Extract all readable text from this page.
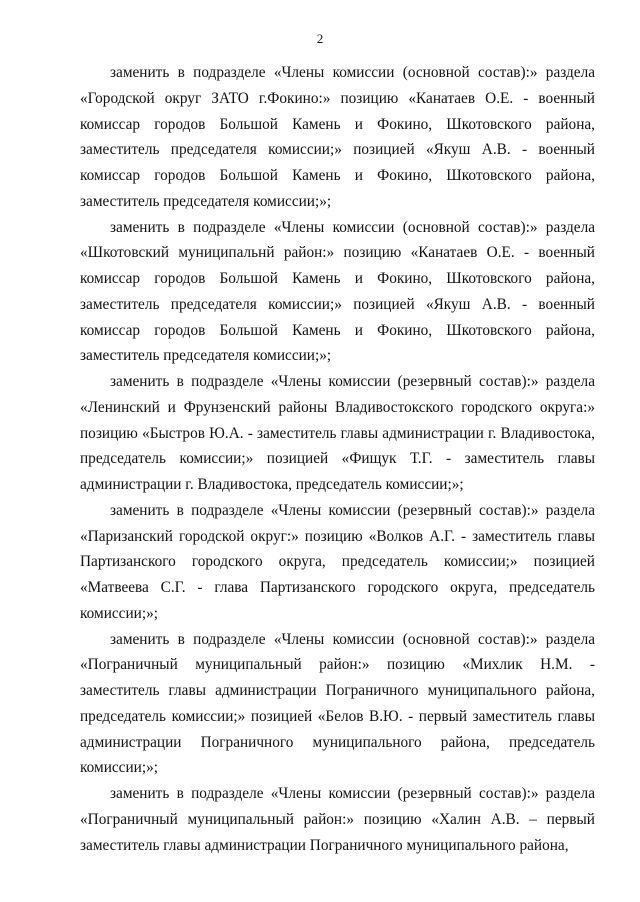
2

заменить в подразделе «Члены комиссии (основной состав):» раздела «Городской округ ЗАТО г.Фокино:» позицию «Канатаев О.Е. - военный комиссар городов Большой Камень и Фокино, Шкотовского района, заместитель председателя комиссии;» позицией «Якуш А.В. - военный комиссар городов Большой Камень и Фокино, Шкотовского района, заместитель председателя комиссии;»;

заменить в подразделе «Члены комиссии (основной состав):» раздела «Шкотовский муниципальнй район:» позицию «Канатаев О.Е. - военный комиссар городов Большой Камень и Фокино, Шкотовского района, заместитель председателя комиссии;» позицией «Якуш А.В. - военный комиссар городов Большой Камень и Фокино, Шкотовского района, заместитель председателя комиссии;»;

заменить в подразделе «Члены комиссии (резервный состав):» раздела «Ленинский и Фрунзенский районы Владивостокского городского округа:» позицию «Быстров Ю.А. - заместитель главы администрации г. Владивостока, председатель комиссии;» позицией «Фищук Т.Г. - заместитель главы администрации г. Владивостока, председатель комиссии;»;

заменить в подразделе «Члены комиссии (резервный состав):» раздела «Паризанский городской округ:» позицию «Волков А.Г. - заместитель главы Партизанского городского округа, председатель комиссии;» позицией «Матвеева С.Г. - глава Партизанского городского округа, председатель комиссии;»;

заменить в подразделе «Члены комиссии (основной состав):» раздела «Пограничный муниципальный район:» позицию «Михлик Н.М. - заместитель главы администрации Пограничного муниципального района, председатель комиссии;» позицией «Белов В.Ю. - первый заместитель главы администрации Пограничного муниципального района, председатель комиссии;»;

заменить в подразделе «Члены комиссии (резервный состав):» раздела «Пограничный муниципальный район:» позицию «Халин А.В. – первый заместитель главы администрации Пограничного муниципального района,
